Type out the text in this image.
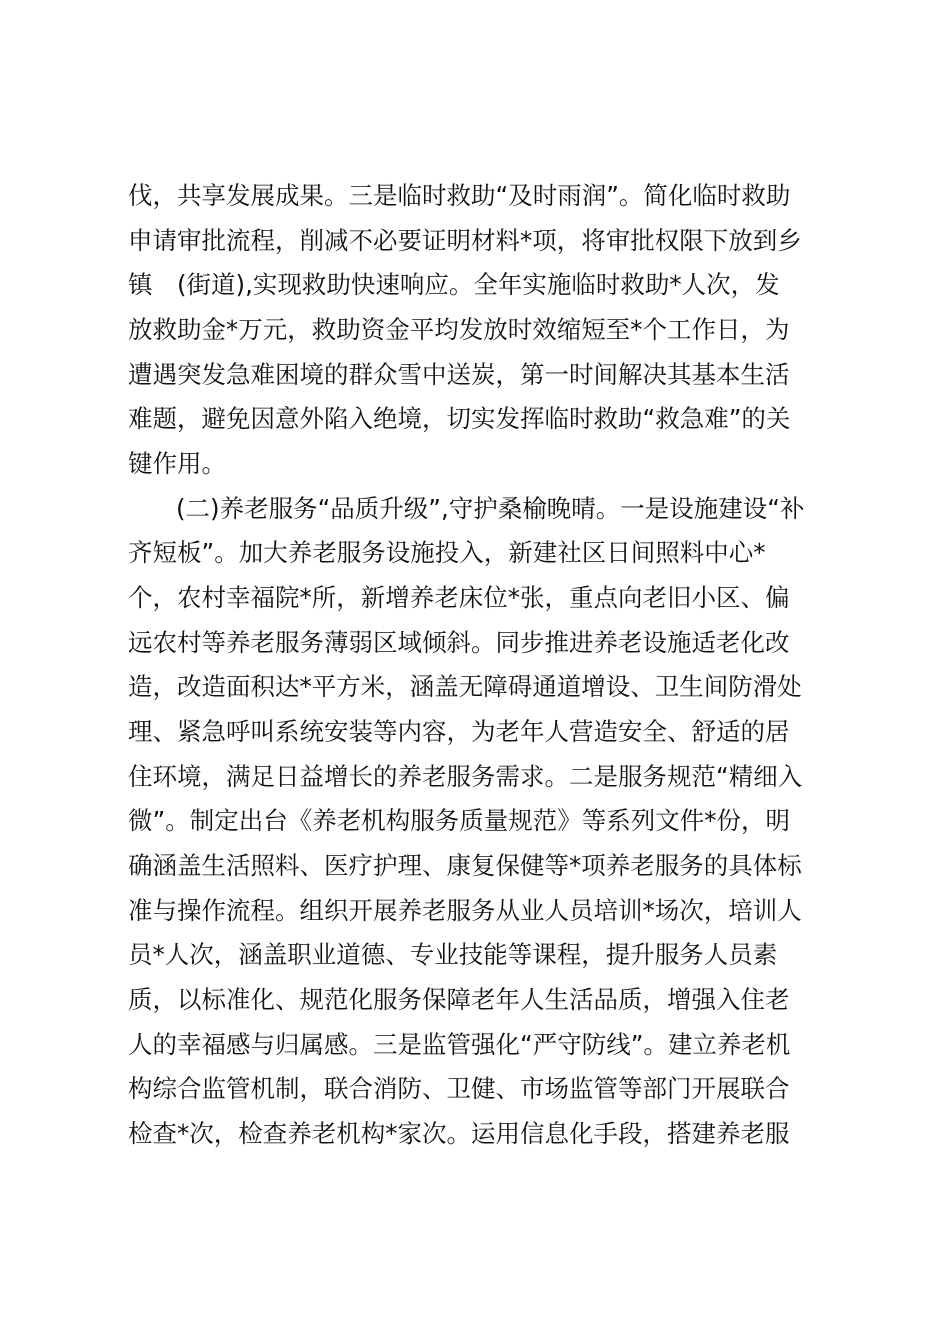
伐，共享发展成果。三是临时救助“及时雨润”。简化临时救助
申请审批流程，削减不必要证明材料*项，将审批权限下放到乡
镇　(街道),实现救助快速响应。全年实施临时救助*人次，发
放救助金*万元，救助资金平均发放时效缩短至*个工作日，为
遭遇突发急难困境的群众雪中送炭，第一时间解决其基本生活
难题，避免因意外陷入绝境，切实发挥临时救助“救急难”的关
键作用。
(二)养老服务“品质升级”,守护桑榆晚晴。一是设施建设“补
齐短板”。加大养老服务设施投入，新建社区日间照料中心*
个，农村幸福院*所，新增养老床位*张，重点向老旧小区、偏
远农村等养老服务薄弱区域倾斜。同步推进养老设施适老化改
造，改造面积达*平方米，涵盖无障碍通道增设、卫生间防滑处
理、紧急呼叫系统安装等内容，为老年人营造安全、舒适的居
住环境，满足日益增长的养老服务需求。二是服务规范“精细入
微”。制定出台《养老机构服务质量规范》等系列文件*份，明
确涵盖生活照料、医疗护理、康复保健等*项养老服务的具体标
准与操作流程。组织开展养老服务从业人员培训*场次，培训人
员*人次，涵盖职业道德、专业技能等课程，提升服务人员素
质，以标准化、规范化服务保障老年人生活品质，增强入住老
人的幸福感与归属感。三是监管强化“严守防线”。建立养老机
构综合监管机制，联合消防、卫健、市场监管等部门开展联合
检查*次，检查养老机构*家次。运用信息化手段，搭建养老服
